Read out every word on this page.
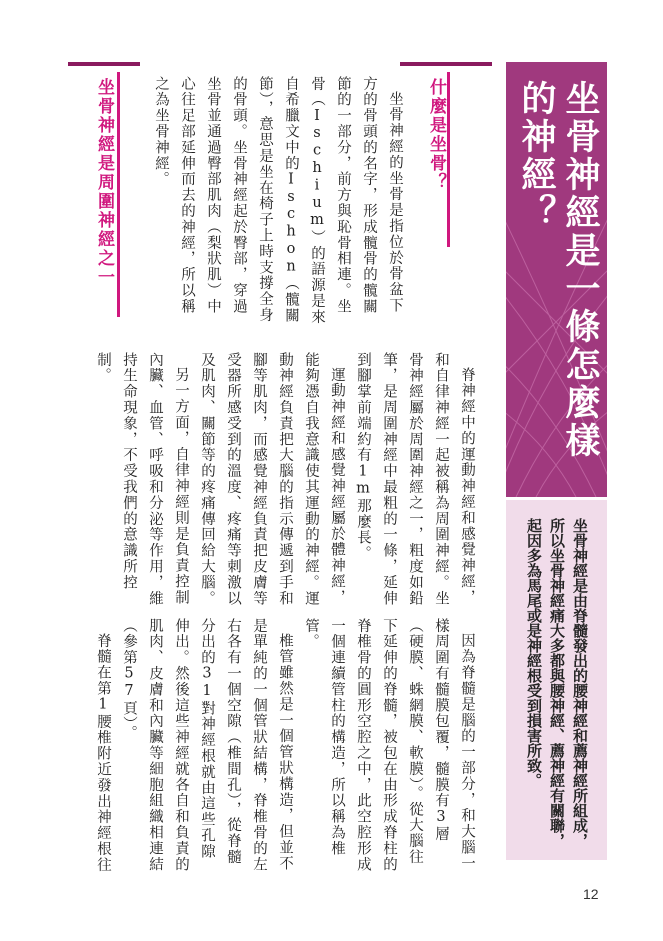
坐骨神經是一條怎麼樣的神經？
坐骨神經是由脊髓發出的腰神經和薦神經所組成，所以坐骨神經痛大多都與腰神經、薦神經有關聯，起因多為馬尾或是神經根受到損害所致。
什麼是坐骨？

坐骨神經的坐骨是指位於骨盆下方的骨頭的名字，形成髖骨的髖關節的一部分，前方與恥骨相連。坐骨（Ischium）的語源是來自希臘文中的Ischon（髖關節），意思是坐在椅子上時支撐全身的骨頭。坐骨神經起於臀部，穿過坐骨並通過臀部肌肉（梨狀肌）中心往足部延伸而去的神經，所以稱之為坐骨神經。

坐骨神經是周圍神經之一

脊神經中的運動神經和感覺神經，和自律神經一起被稱為周圍神經。坐骨神經屬於周圍神經之一，粗度如鉛筆，是周圍神經中最粗的一條，延伸到腳掌前端約有1m那麼長。

運動神經和感覺神經屬於體神經，能夠憑自我意識使其運動的神經。運動神經負責把大腦的指示傳遞到手和腳等肌肉，而感覺神經負責把皮膚等受器所感受到的溫度、疼痛等刺激以及肌肉、關節等的疼痛傳回給大腦。

另一方面，自律神經則是負責控制內臟、血管、呼吸和分泌等作用，維持生命現象，不受我們的意識所控制。

因為脊髓是腦的一部分，和大腦一樣周圍有髓膜包覆，髓膜有3層（硬膜、蛛網膜、軟膜）。從大腦往下延伸的脊髓，被包在由形成脊柱的脊椎骨的圓形空腔之中，此空腔形成一個連續管柱的構造，所以稱為椎管。

椎管雖然是一個管狀構造，但並不是單純的一個管狀結構，脊椎骨的左右各有一個空隙（椎間孔），從脊髓分出的31對神經根就由這些孔隙伸出。然後這些神經就各自和負責的肌肉、皮膚和內臟等細胞組織相連結（參第57頁）。

脊髓在第1腰椎附近發出神經根往

12
